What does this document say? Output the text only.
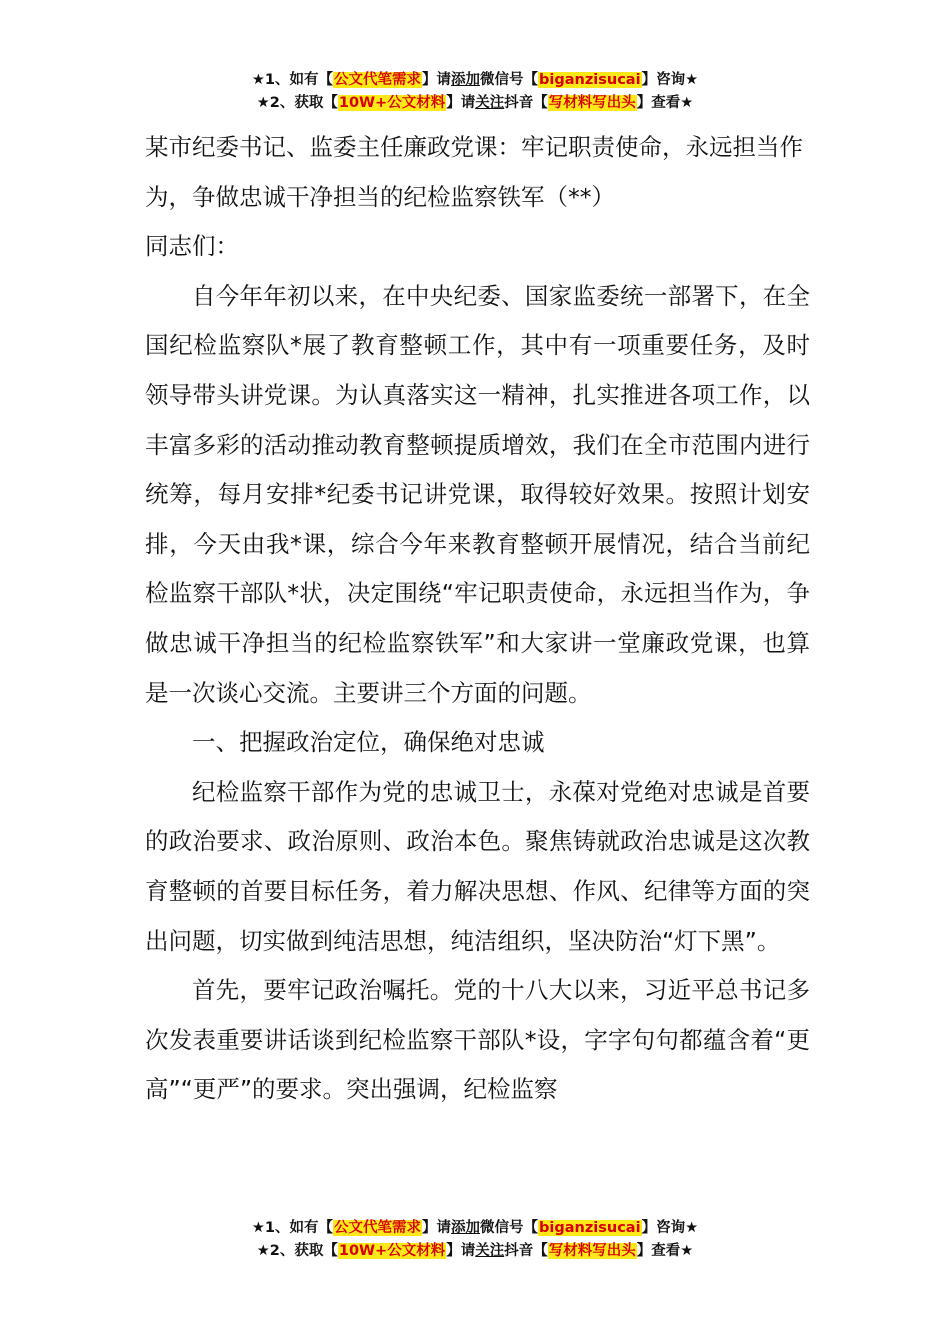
★1、如有【公文代笔需求】请添加微信号【biganzisucai】咨询★
★2、获取【10W+公文材料】请关注抖音【写材料写出头】查看★

某市纪委书记、监委主任廉政党课：牢记职责使命，永远担当作为，争做忠诚干净担当的纪检监察铁军（**）

同志们：

自今年年初以来，在中央纪委、国家监委统一部署下，在全国纪检监察队*展了教育整顿工作，其中有一项重要任务，及时领导带头讲党课。为认真落实这一精神，扎实推进各项工作，以丰富多彩的活动推动教育整顿提质增效，我们在全市范围内进行统筹，每月安排*纪委书记讲党课，取得较好效果。按照计划安排，今天由我*课，综合今年来教育整顿开展情况，结合当前纪检监察干部队*状，决定围绕“牢记职责使命，永远担当作为，争做忠诚干净担当的纪检监察铁军”和大家讲一堂廉政党课，也算是一次谈心交流。主要讲三个方面的问题。

一、把握政治定位，确保绝对忠诚

纪检监察干部作为党的忠诚卫士，永葆对党绝对忠诚是首要的政治要求、政治原则、政治本色。聚焦铸就政治忠诚是这次教育整顿的首要目标任务，着力解决思想、作风、纪律等方面的突出问题，切实做到纯洁思想，纯洁组织，坚决防治“灯下黑”。

首先，要牢记政治嘱托。党的十八大以来，习近平总书记多次发表重要讲话谈到纪检监察干部队*设，字字句句都蕴含着“更高”“更严”的要求。突出强调，纪检监察

★1、如有【公文代笔需求】请添加微信号【biganzisucai】咨询★
★2、获取【10W+公文材料】请关注抖音【写材料写出头】查看★
